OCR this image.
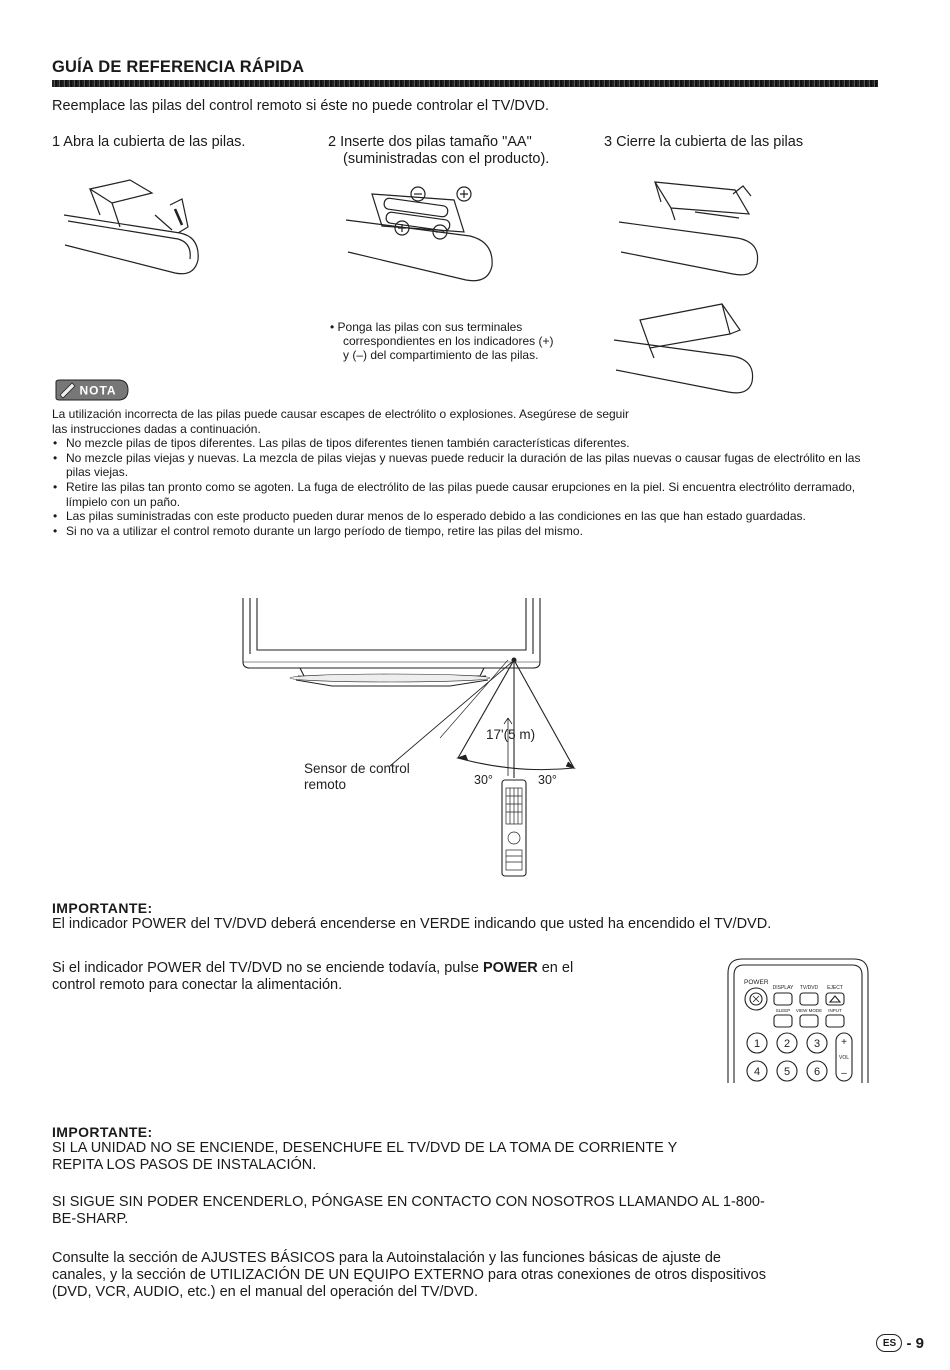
GUÍA DE REFERENCIA RÁPIDA
Reemplace las pilas del control remoto si éste no puede controlar el TV/DVD.
1 Abra la cubierta de las pilas.	2 Inserte dos pilas tamaño "AA"
(suministradas con el producto).
3 Cierre la cubierta de las pilas
• Ponga las pilas con sus terminales
correspondientes en los indicadores (+)
y (–) del compartimiento de las pilas.
NOTA
La utilización incorrecta de las pilas puede causar escapes de electrólito o explosiones. Asegúrese de seguir
las instrucciones dadas a continuación.
• No mezcle pilas de tipos diferentes. Las pilas de tipos diferentes tienen también características diferentes.
• No mezcle pilas viejas y nuevas. La mezcla de pilas viejas y nuevas puede reducir la duración de las pilas nuevas o causar fugas de electrólito en las pilas viejas.
• Retire las pilas tan pronto como se agoten. La fuga de electrólito de las pilas puede causar erupciones en la piel. Si encuentra electrólito derramado, límpielo con un paño.
• Las pilas suministradas con este producto pueden durar menos de lo esperado debido a las condiciones en las que han estado guardadas.
• Si no va a utilizar el control remoto durante un largo período de tiempo, retire las pilas del mismo.
17'(5 m)
30°	30°
Sensor de control
remoto
IMPORTANTE:
El indicador POWER del TV/DVD deberá encenderse en VERDE indicando que usted ha encendido el TV/DVD.
Si el indicador POWER del TV/DVD no se enciende todavía, pulse POWER en el
control remoto para conectar la alimentación.	POWER
DISPLAY TV/DVD EJECT
SLEEP VIEW MODE INPUT
1 2 3
4 5 6
+
VOL
–
IMPORTANTE:
SI LA UNIDAD NO SE ENCIENDE, DESENCHUFE EL TV/DVD DE LA TOMA DE CORRIENTE Y
REPITA LOS PASOS DE INSTALACIÓN.
SI SIGUE SIN PODER ENCENDERLO, PÓNGASE EN CONTACTO CON NOSOTROS LLAMANDO AL 1-800-
BE-SHARP.
Consulte la sección de AJUSTES BÁSICOS para la Autoinstalación y las funciones básicas de ajuste de
canales, y la sección de UTILIZACIÓN DE UN EQUIPO EXTERNO para otras conexiones de otros dispositivos
(DVD, VCR, AUDIO, etc.) en el manual del operación del TV/DVD.
ES - 9
